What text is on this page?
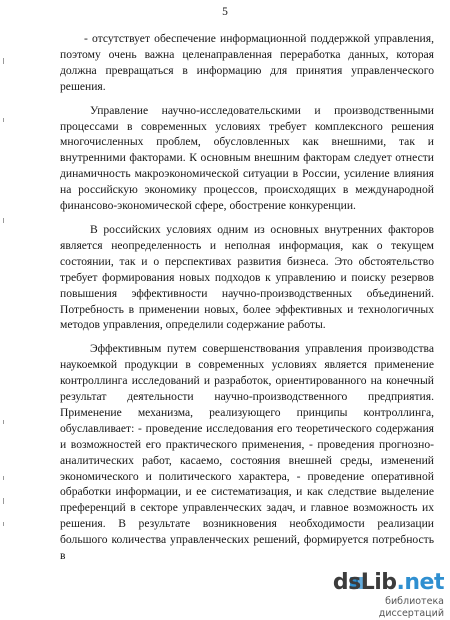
5

- отсутствует обеспечение информационной поддержкой управления, поэтому очень важна целенаправленная переработка данных, которая должна превращаться в информацию для принятия управленческого решения.

Управление научно-исследовательскими и производственными процессами в современных условиях требует комплексного решения многочисленных проблем, обусловленных как внешними, так и внутренними факторами. К основным внешним факторам следует отнести динамичность макроэкономической ситуации в России, усиление влияния на российскую экономику процессов, происходящих в международной финансово-экономической сфере, обострение конкуренции.

В российских условиях одним из основных внутренних факторов является неопределенность и неполная информация, как о текущем состоянии, так и о перспективах развития бизнеса. Это обстоятельство требует формирования новых подходов к управлению и поиску резервов повышения эффективности научно-производственных объединений. Потребность в применении новых, более эффективных и технологичных методов управления, определили содержание работы.

Эффективным путем совершенствования управления производства наукоемкой продукции в современных условиях является применение контроллинга исследований и разработок, ориентированного на конечный результат деятельности научно-производственного предприятия. Применение механизма, реализующего принципы контроллинга, обуславливает: - проведение исследования его теоретического содержания и возможностей его практического применения, - проведения прогнозно-аналитических работ, касаемо, состояния внешней среды, изменений экономического и политического характера, - проведение оперативной обработки информации, и ее систематизация, и как следствие выделение преференций в секторе управленческих задач, и главное возможность их решения. В результате возникновения необходимости реализации большого количества управленческих решений, формируется потребность в

dsLib.net
библиотека диссертаций
